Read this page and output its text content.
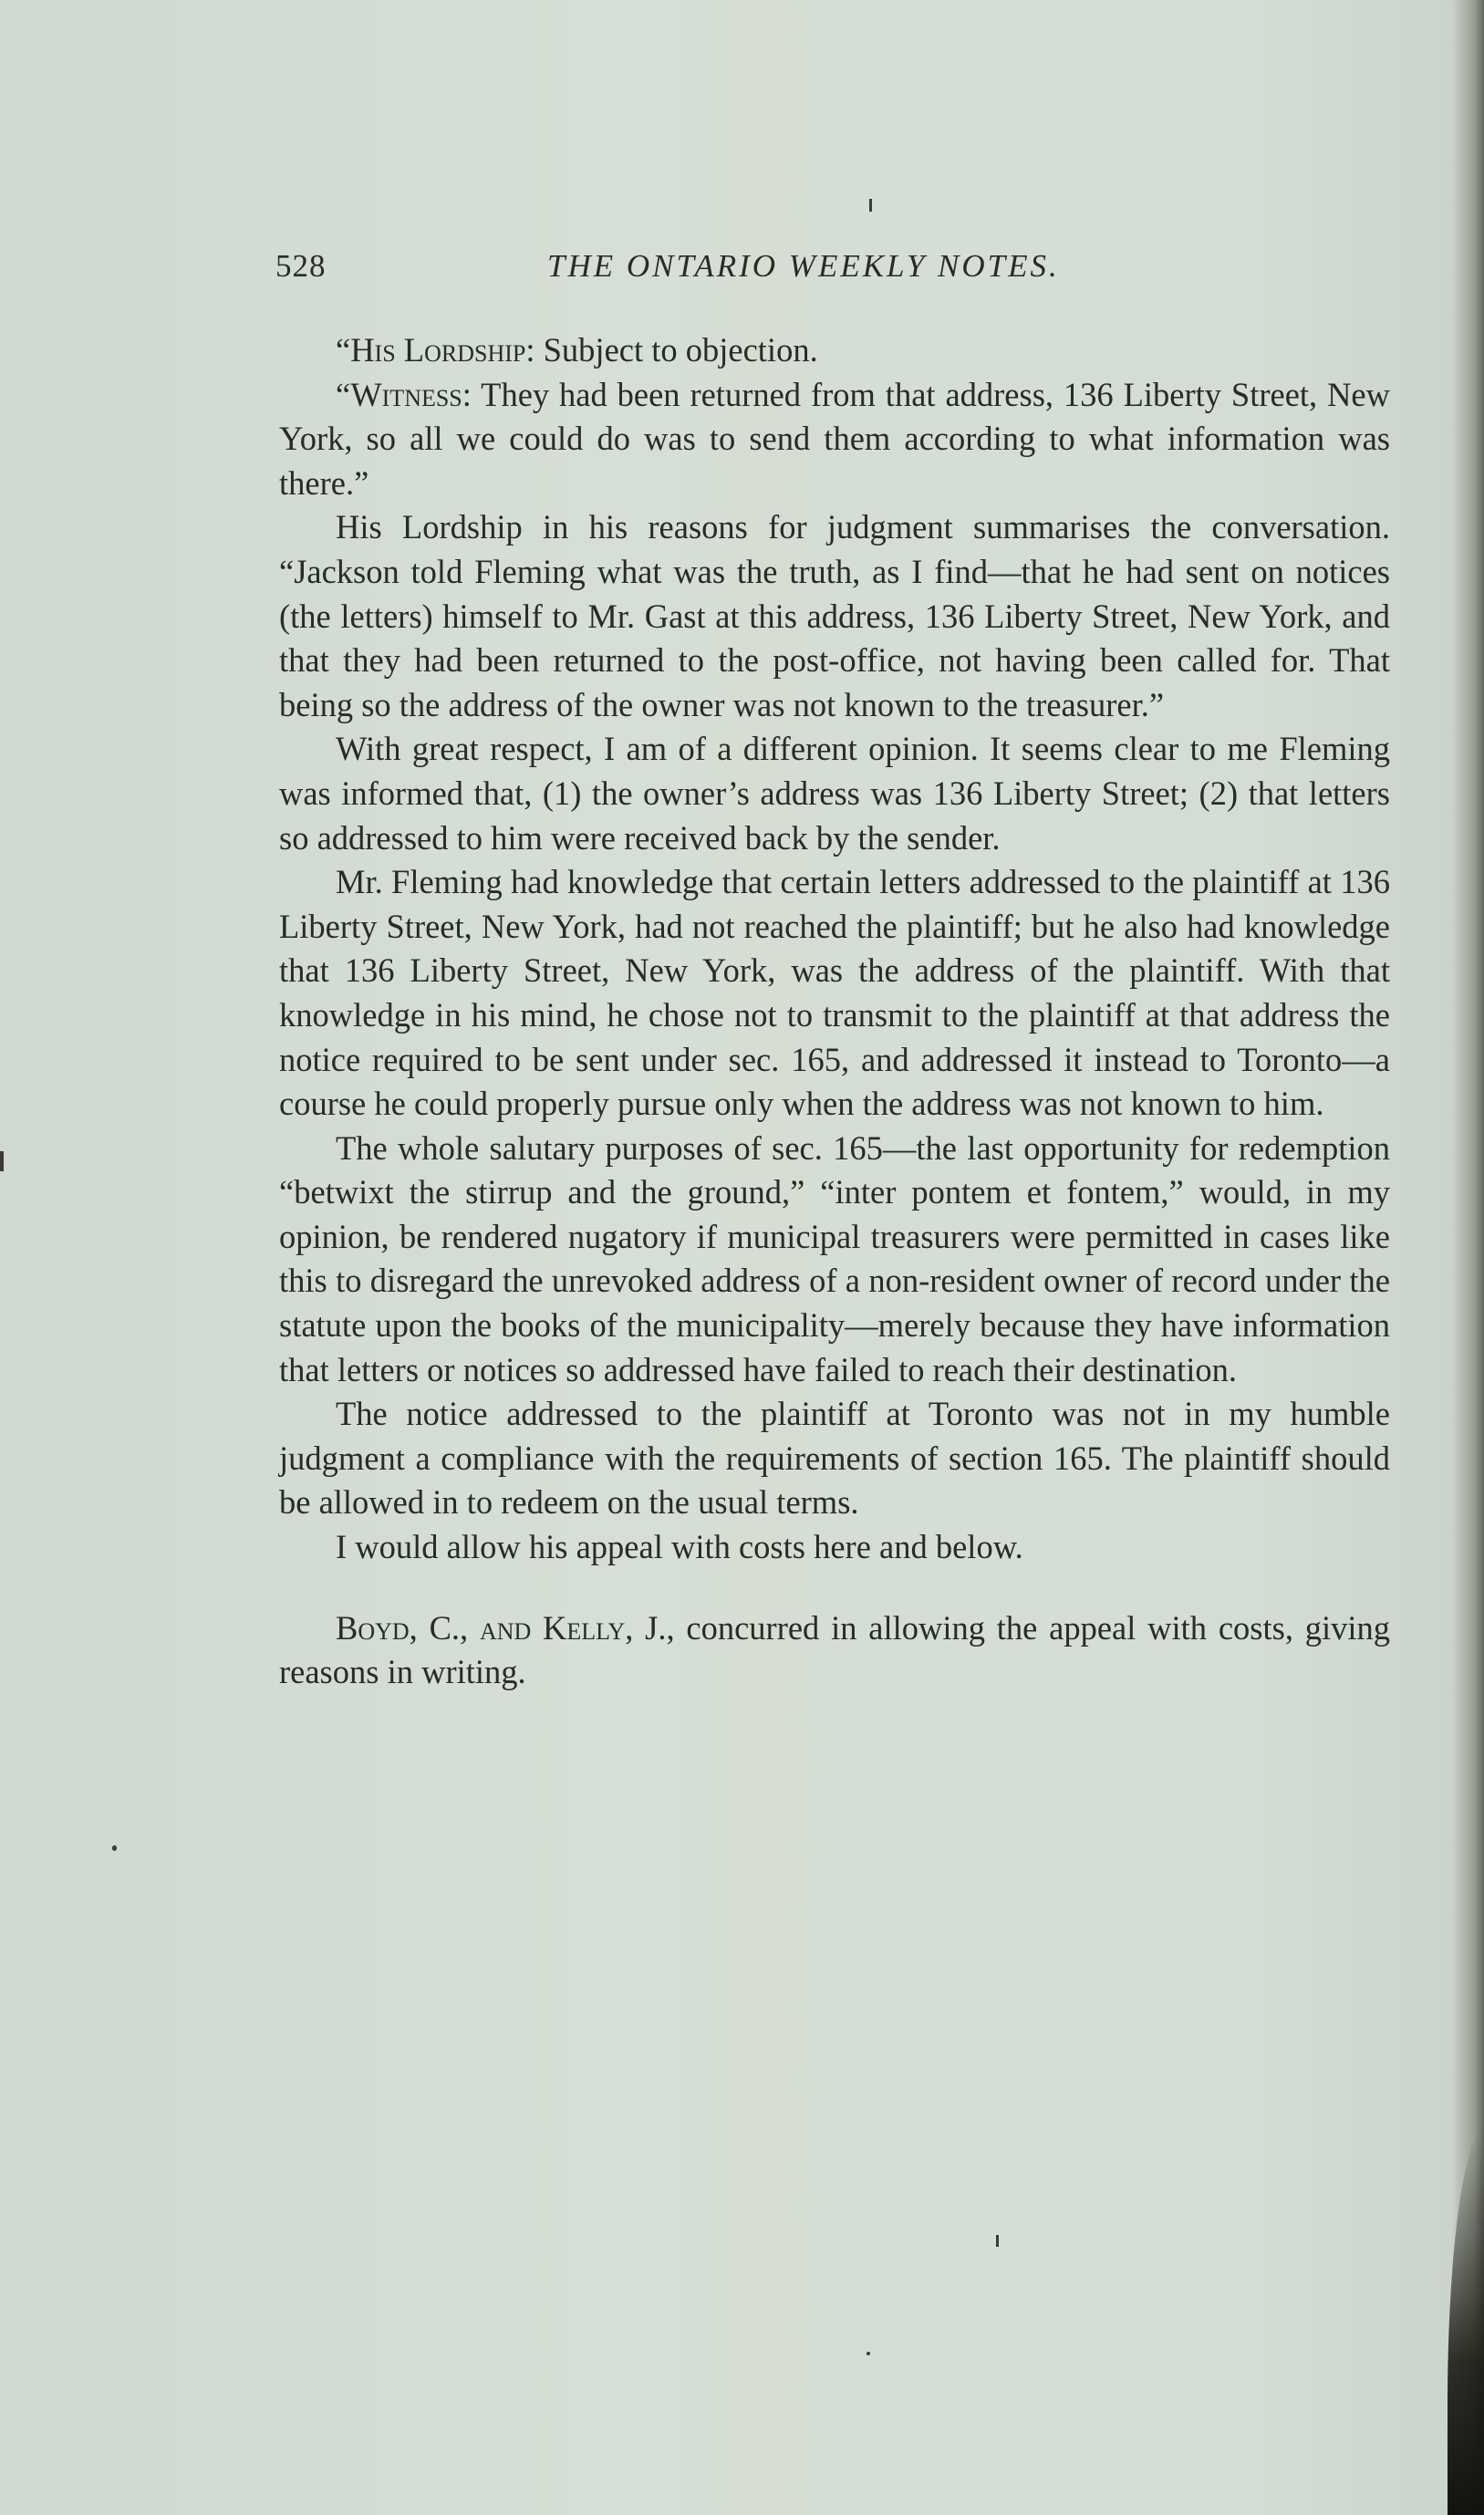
528	THE ONTARIO WEEKLY NOTES.

“His Lordship: Subject to objection.

“Witness: They had been returned from that address, 136 Liberty Street, New York, so all we could do was to send them according to what information was there.”

His Lordship in his reasons for judgment summarises the conversation. “Jackson told Fleming what was the truth, as I find—that he had sent on notices (the letters) himself to Mr. Gast at this address, 136 Liberty Street, New York, and that they had been returned to the post-office, not having been called for. That being so the address of the owner was not known to the treasurer.”

With great respect, I am of a different opinion. It seems clear to me Fleming was informed that, (1) the owner’s address was 136 Liberty Street; (2) that letters so addressed to him were received back by the sender.

Mr. Fleming had knowledge that certain letters addressed to the plaintiff at 136 Liberty Street, New York, had not reached the plaintiff; but he also had knowledge that 136 Liberty Street, New York, was the address of the plaintiff. With that knowledge in his mind, he chose not to transmit to the plaintiff at that address the notice required to be sent under sec. 165, and addressed it instead to Toronto—a course he could properly pursue only when the address was not known to him.

The whole salutary purposes of sec. 165—the last opportunity for redemption “betwixt the stirrup and the ground,” “inter pontem et fontem,” would, in my opinion, be rendered nugatory if municipal treasurers were permitted in cases like this to disregard the unrevoked address of a non-resident owner of record under the statute upon the books of the municipality—merely because they have information that letters or notices so addressed have failed to reach their destination.

The notice addressed to the plaintiff at Toronto was not in my humble judgment a compliance with the requirements of section 165. The plaintiff should be allowed in to redeem on the usual terms.

I would allow his appeal with costs here and below.

Boyd, C., and Kelly, J., concurred in allowing the appeal with costs, giving reasons in writing.
